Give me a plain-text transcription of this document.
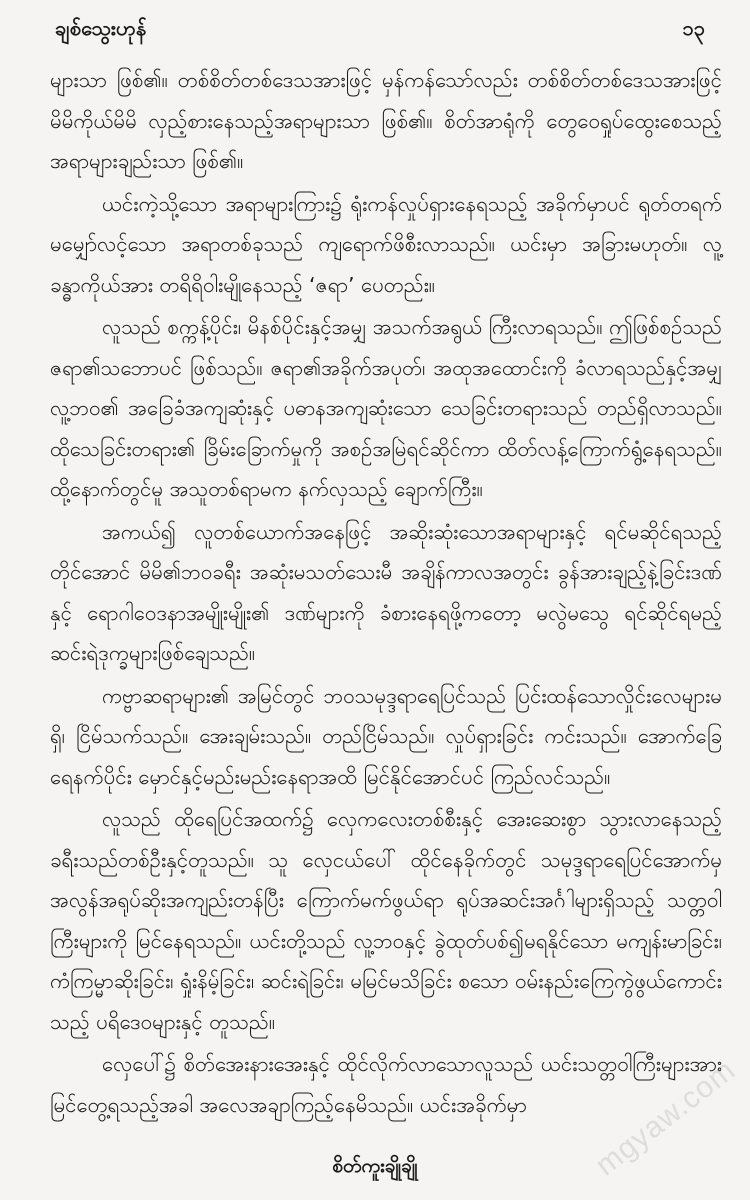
ချစ်သွေးဟုန်	၁၃

များသာ ဖြစ်၏။ တစ်စိတ်တစ်ဒေသအားဖြင့် မှန်ကန်သော်လည်း တစ်စိတ်တစ်ဒေသအားဖြင့် မိမိကိုယ်မိမိ လှည့်စားနေသည့်အရာများသာ ဖြစ်၏။ စိတ်အာရုံကို တွေဝေရှုပ်ထွေးစေသည့် အရာများချည်းသာ ဖြစ်၏။

ယင်းကဲ့သို့သော အရာများကြား၌ ရုံးကန်လှုပ်ရှားနေရသည့် အခိုက်မှာပင် ရုတ်တရက် မမျှော်လင့်သော အရာတစ်ခုသည် ကျရောက်ဖိစီးလာသည်။ ယင်းမှာ အခြားမဟုတ်။ လူ့ခန္ဓာကိုယ်အား တရိရိဝါးမျိုနေသည့် ‘ဇရာ’ ပေတည်း။

လူသည် စက္ကန့်ပိုင်း၊ မိနစ်ပိုင်းနှင့်အမျှ အသက်အရွယ် ကြီးလာရသည်။ ဤဖြစ်စဉ်သည် ဇရာ၏သဘောပင် ဖြစ်သည်။ ဇရာ၏အခိုက်အပုတ်၊ အထုအထောင်းကို ခံလာရသည်နှင့်အမျှ လူ့ဘဝ၏ အခြေခံအကျဆုံးနှင့် ပဓာနအကျဆုံးသော သေခြင်းတရားသည် တည်ရှိလာသည်။ ထိုသေခြင်းတရား၏ ခြိမ်းခြောက်မှုကို အစဉ်အမြဲရင်ဆိုင်ကာ ထိတ်လန့်ကြောက်ရွံ့နေရသည်။ ထို့နောက်တွင်မူ အသူတစ်ရာမက နက်လှသည့် ချောက်ကြီး။

အကယ်၍ လူတစ်ယောက်အနေဖြင့် အဆိုးဆုံးသောအရာများနှင့် ရင်မဆိုင်ရသည့်တိုင်အောင် မိမိ၏ဘဝခရီး အဆုံးမသတ်သေးမီ အချိန်ကာလအတွင်း ခွန်အားချည့်နဲ့ခြင်းဒဏ်နှင့် ရောဂါဝေဒနာအမျိုးမျိုး၏ ဒဏ်များကို ခံစားနေရဖို့ကတော့ မလွဲမသွေ ရင်ဆိုင်ရမည့် ဆင်းရဲဒုက္ခများဖြစ်ချေသည်။

ကဗ္ဗာဆရာများ၏ အမြင်တွင် ဘဝသမုဒ္ဒရာရေပြင်သည် ပြင်းထန်သောလှိုင်းလေများမရှိ၊ ငြိမ်သက်သည်။ အေးချမ်းသည်။ တည်ငြိမ်သည်။ လှုပ်ရှားခြင်း ကင်းသည်။ အောက်ခြေ ရေနက်ပိုင်း မှောင်နှင့်မည်းမည်းနေရာအထိ မြင်နိုင်အောင်ပင် ကြည်လင်သည်။

လူသည် ထိုရေပြင်အထက်၌ လှေကလေးတစ်စီးနှင့် အေးဆေးစွာ သွားလာနေသည့် ခရီးသည်တစ်ဦးနှင့်တူသည်။ သူ လှေငယ်ပေါ် ထိုင်နေခိုက်တွင် သမုဒ္ဒရာရေပြင်အောက်မှ အလွန်အရုပ်ဆိုးအကျည်းတန်ပြီး ကြောက်မက်ဖွယ်ရာ ရုပ်အဆင်းအင်္ဂါများရှိသည့် သတ္တဝါကြီးများကို မြင်နေရသည်။ ယင်းတို့သည် လူ့ဘဝနှင့် ခွဲထုတ်ပစ်၍မရနိုင်သော မကျန်းမာခြင်း၊ ကံကြမ္မာဆိုးခြင်း၊ ရှုံးနိမ့်ခြင်း၊ ဆင်းရဲခြင်း၊ မမြင်မသိခြင်း စသော ဝမ်းနည်းကြေကွဲဖွယ်ကောင်းသည့် ပရိဒေဝများနှင့် တူသည်။

လှေပေါ်၌ စိတ်အေးနားအေးနှင့် ထိုင်လိုက်လာသောလူသည် ယင်းသတ္တဝါကြီးများအား မြင်တွေ့ရသည့်အခါ အလေအချာကြည့်နေမိသည်။ ယင်းအခိုက်မှာ	mgyaw.com
စိတ်ကူးချိုချို
